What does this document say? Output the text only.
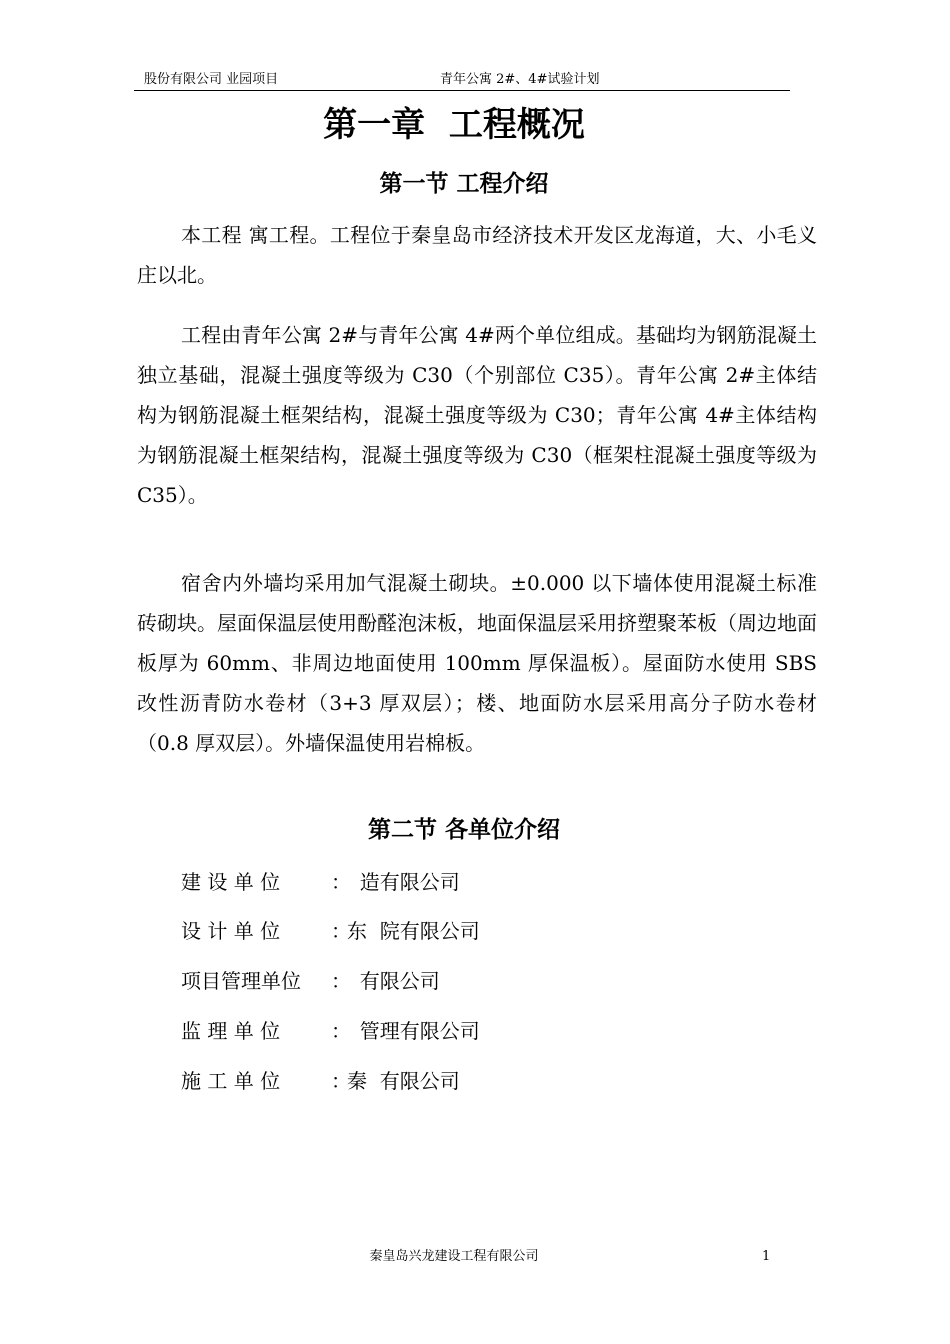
股份有限公司 业园项目	青年公寓 2#、4#试验计划
第一章  工程概况
第一节 工程介绍

本工程 寓工程。工程位于秦皇岛市经济技术开发区龙海道，大、小毛义庄以北。

工程由青年公寓 2#与青年公寓 4#两个单位组成。基础均为钢筋混凝土独立基础，混凝土强度等级为 C30（个别部位 C35）。青年公寓 2#主体结构为钢筋混凝土框架结构，混凝土强度等级为 C30；青年公寓 4#主体结构为钢筋混凝土框架结构，混凝土强度等级为 C30（框架柱混凝土强度等级为 C35）。

宿舍内外墙均采用加气混凝土砌块。±0.000 以下墙体使用混凝土标准砖砌块。屋面保温层使用酚醛泡沫板，地面保温层采用挤塑聚苯板（周边地面板厚为 60mm、非周边地面使用 100mm 厚保温板）。屋面防水使用 SBS 改性沥青防水卷材（3+3 厚双层）；楼、地面防水层采用高分子防水卷材（0.8 厚双层）。外墙保温使用岩棉板。

第二节 各单位介绍
建 设 单 位 ：  造有限公司
设 计 单 位 ：东  院有限公司
项目管理单位 ：  有限公司
监 理 单 位 ：  管理有限公司
施 工 单 位 ：秦  有限公司
秦皇岛兴龙建设工程有限公司	1
